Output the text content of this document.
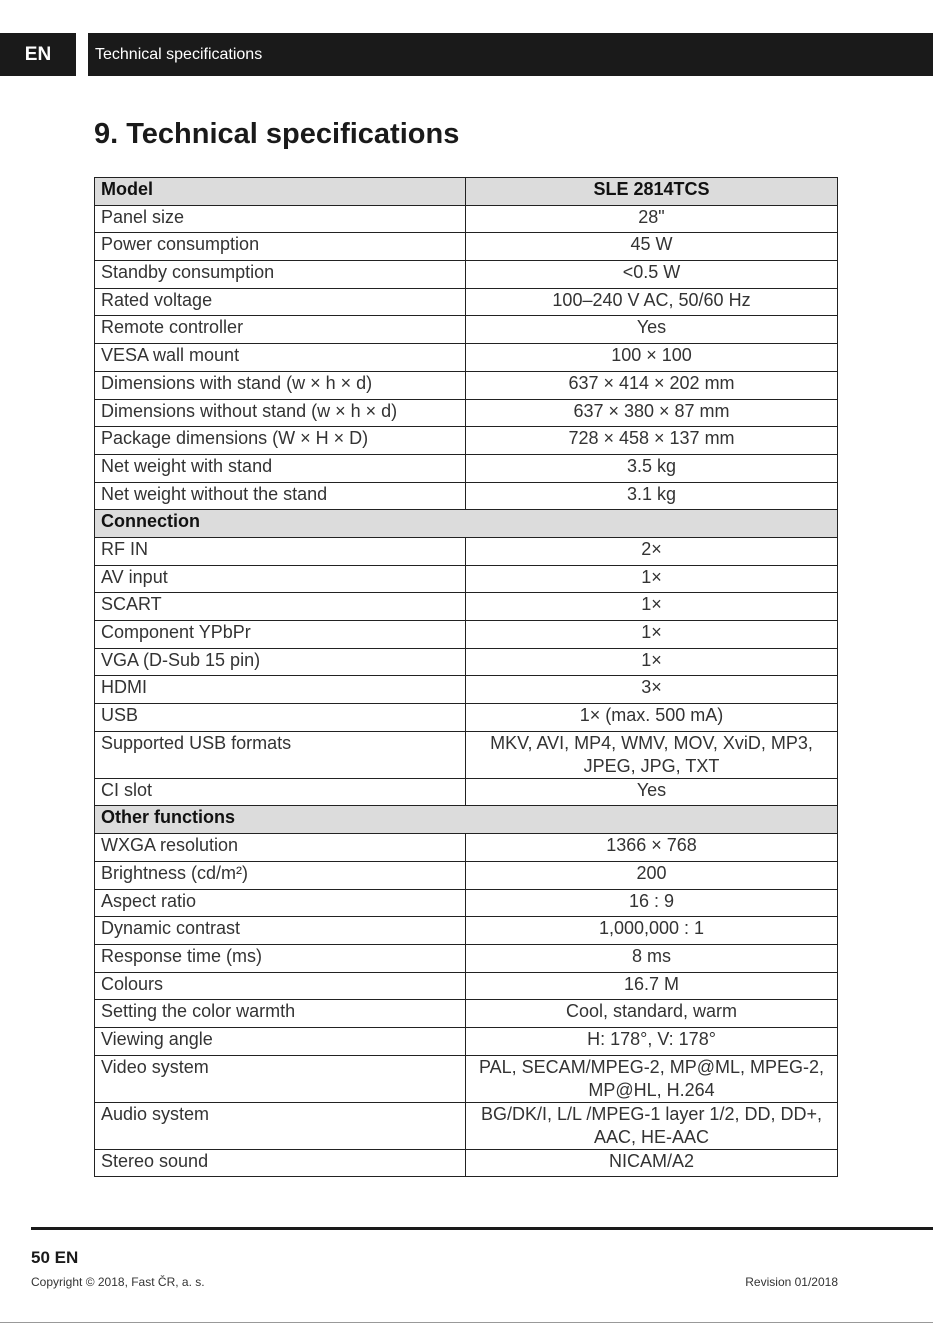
EN	Technical specifications
9. Technical specifications
Model	SLE 2814TCS
Panel size	28"
Power consumption	45 W
Standby consumption	<0.5 W
Rated voltage	100–240 V AC, 50/60 Hz
Remote controller	Yes
VESA wall mount	100 × 100
Dimensions with stand (w × h × d)	637 × 414 × 202 mm
Dimensions without stand (w × h × d)	637 × 380 × 87 mm
Package dimensions (W × H × D)	728 × 458 × 137 mm
Net weight with stand	3.5 kg
Net weight without the stand	3.1 kg
Connection	
RF IN	2×
AV input	1×
SCART	1×
Component YPbPr	1×
VGA (D-Sub 15 pin)	1×
HDMI	3×
USB	1× (max. 500 mA)
Supported USB formats	MKV, AVI, MP4, WMV, MOV, XviD, MP3, JPEG, JPG, TXT
CI slot	Yes
Other functions	
WXGA resolution	1366 × 768
Brightness (cd/m²)	200
Aspect ratio	16 : 9
Dynamic contrast	1,000,000 : 1
Response time (ms)	8 ms
Colours	16.7 M
Setting the color warmth	Cool, standard, warm
Viewing angle	H: 178°, V: 178°
Video system	PAL, SECAM/MPEG-2, MP@ML, MPEG-2, MP@HL, H.264
Audio system	BG/DK/I, L/L /MPEG-1 layer 1/2, DD, DD+, AAC, HE-AAC
Stereo sound	NICAM/A2
50 EN
Copyright © 2018, Fast ČR, a. s.	Revision 01/2018
